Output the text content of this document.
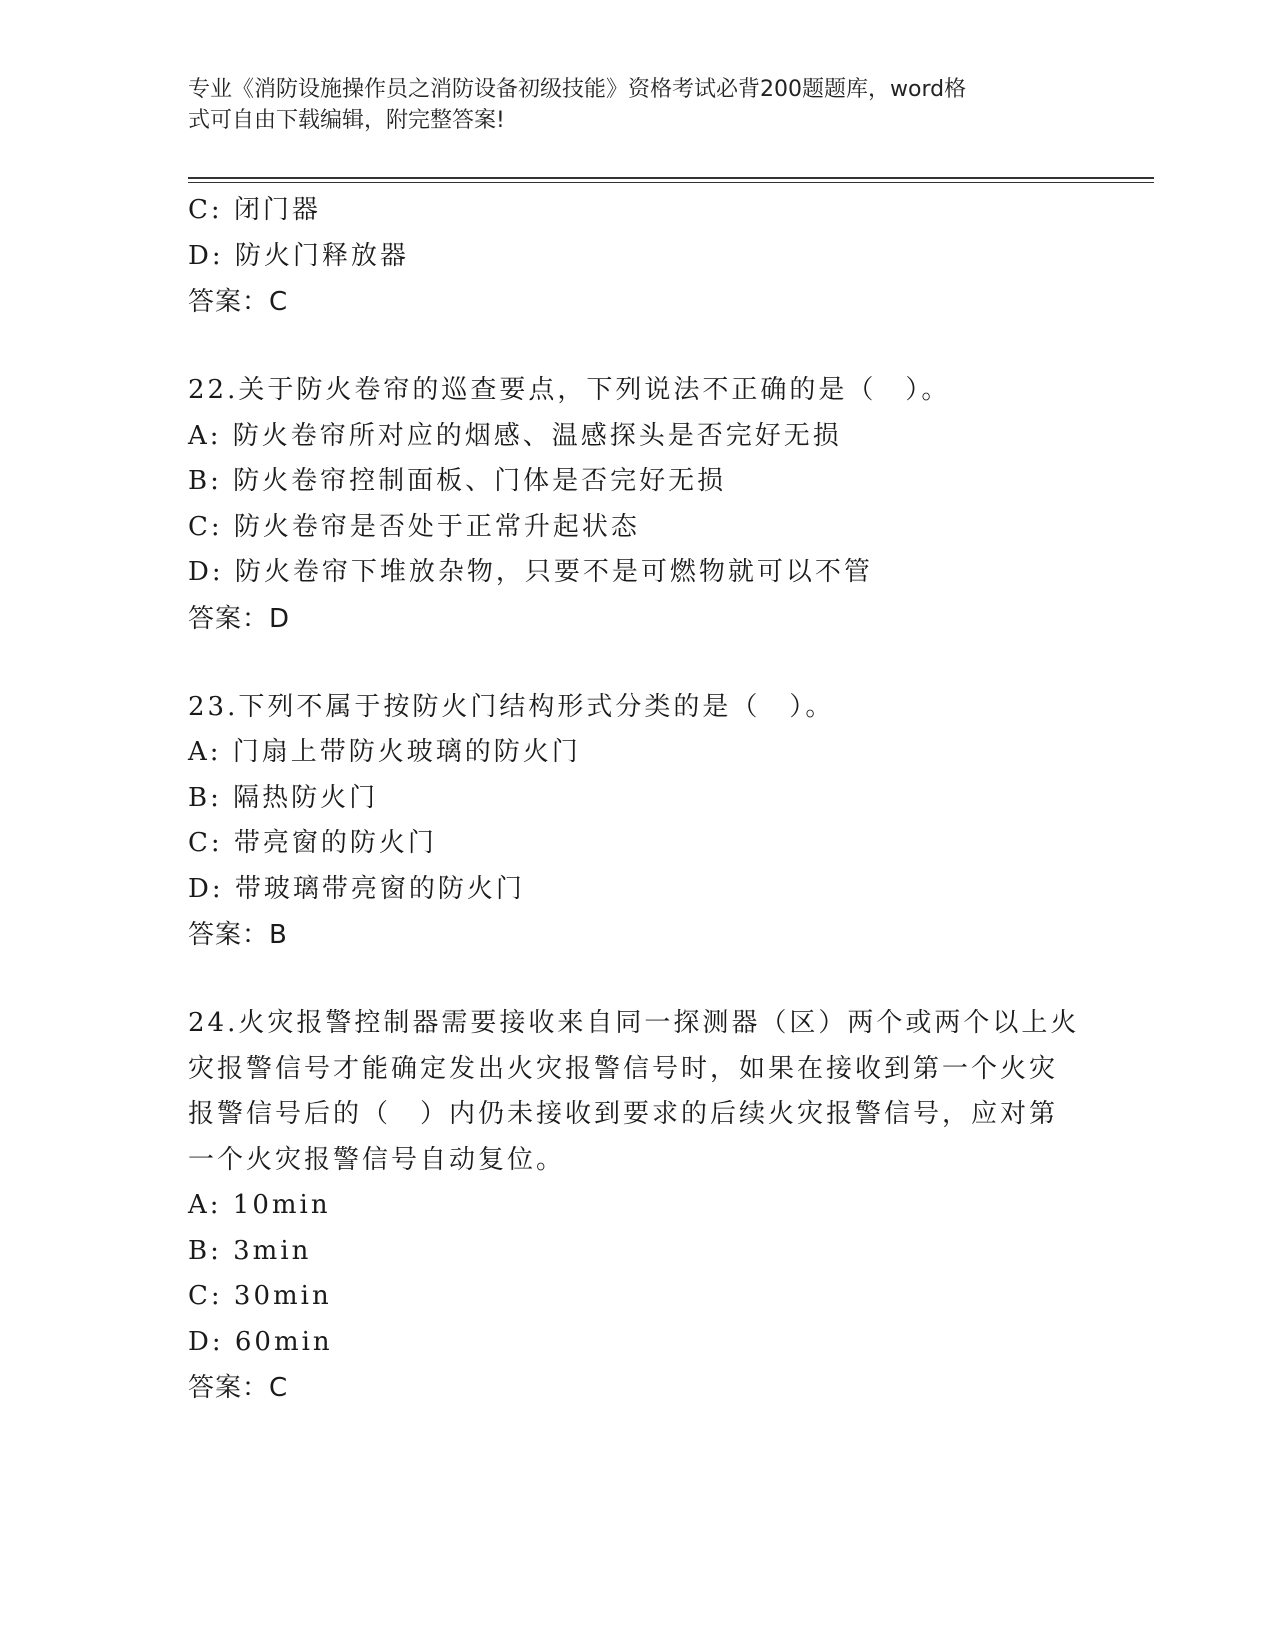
专业《消防设施操作员之消防设备初级技能》资格考试必背200题题库，word格
式可自由下载编辑，附完整答案!
C: 闭门器
D: 防火门释放器
答案：C
22.关于防火卷帘的巡查要点，下列说法不正确的是（　）。
A: 防火卷帘所对应的烟感、温感探头是否完好无损
B: 防火卷帘控制面板、门体是否完好无损
C: 防火卷帘是否处于正常升起状态
D: 防火卷帘下堆放杂物，只要不是可燃物就可以不管
答案：D
23.下列不属于按防火门结构形式分类的是（　）。
A: 门扇上带防火玻璃的防火门
B: 隔热防火门
C: 带亮窗的防火门
D: 带玻璃带亮窗的防火门
答案：B
24.火灾报警控制器需要接收来自同一探测器（区）两个或两个以上火
灾报警信号才能确定发出火灾报警信号时，如果在接收到第一个火灾
报警信号后的（　）内仍未接收到要求的后续火灾报警信号，应对第
一个火灾报警信号自动复位。
A: 10min
B: 3min
C: 30min
D: 60min
答案：C
